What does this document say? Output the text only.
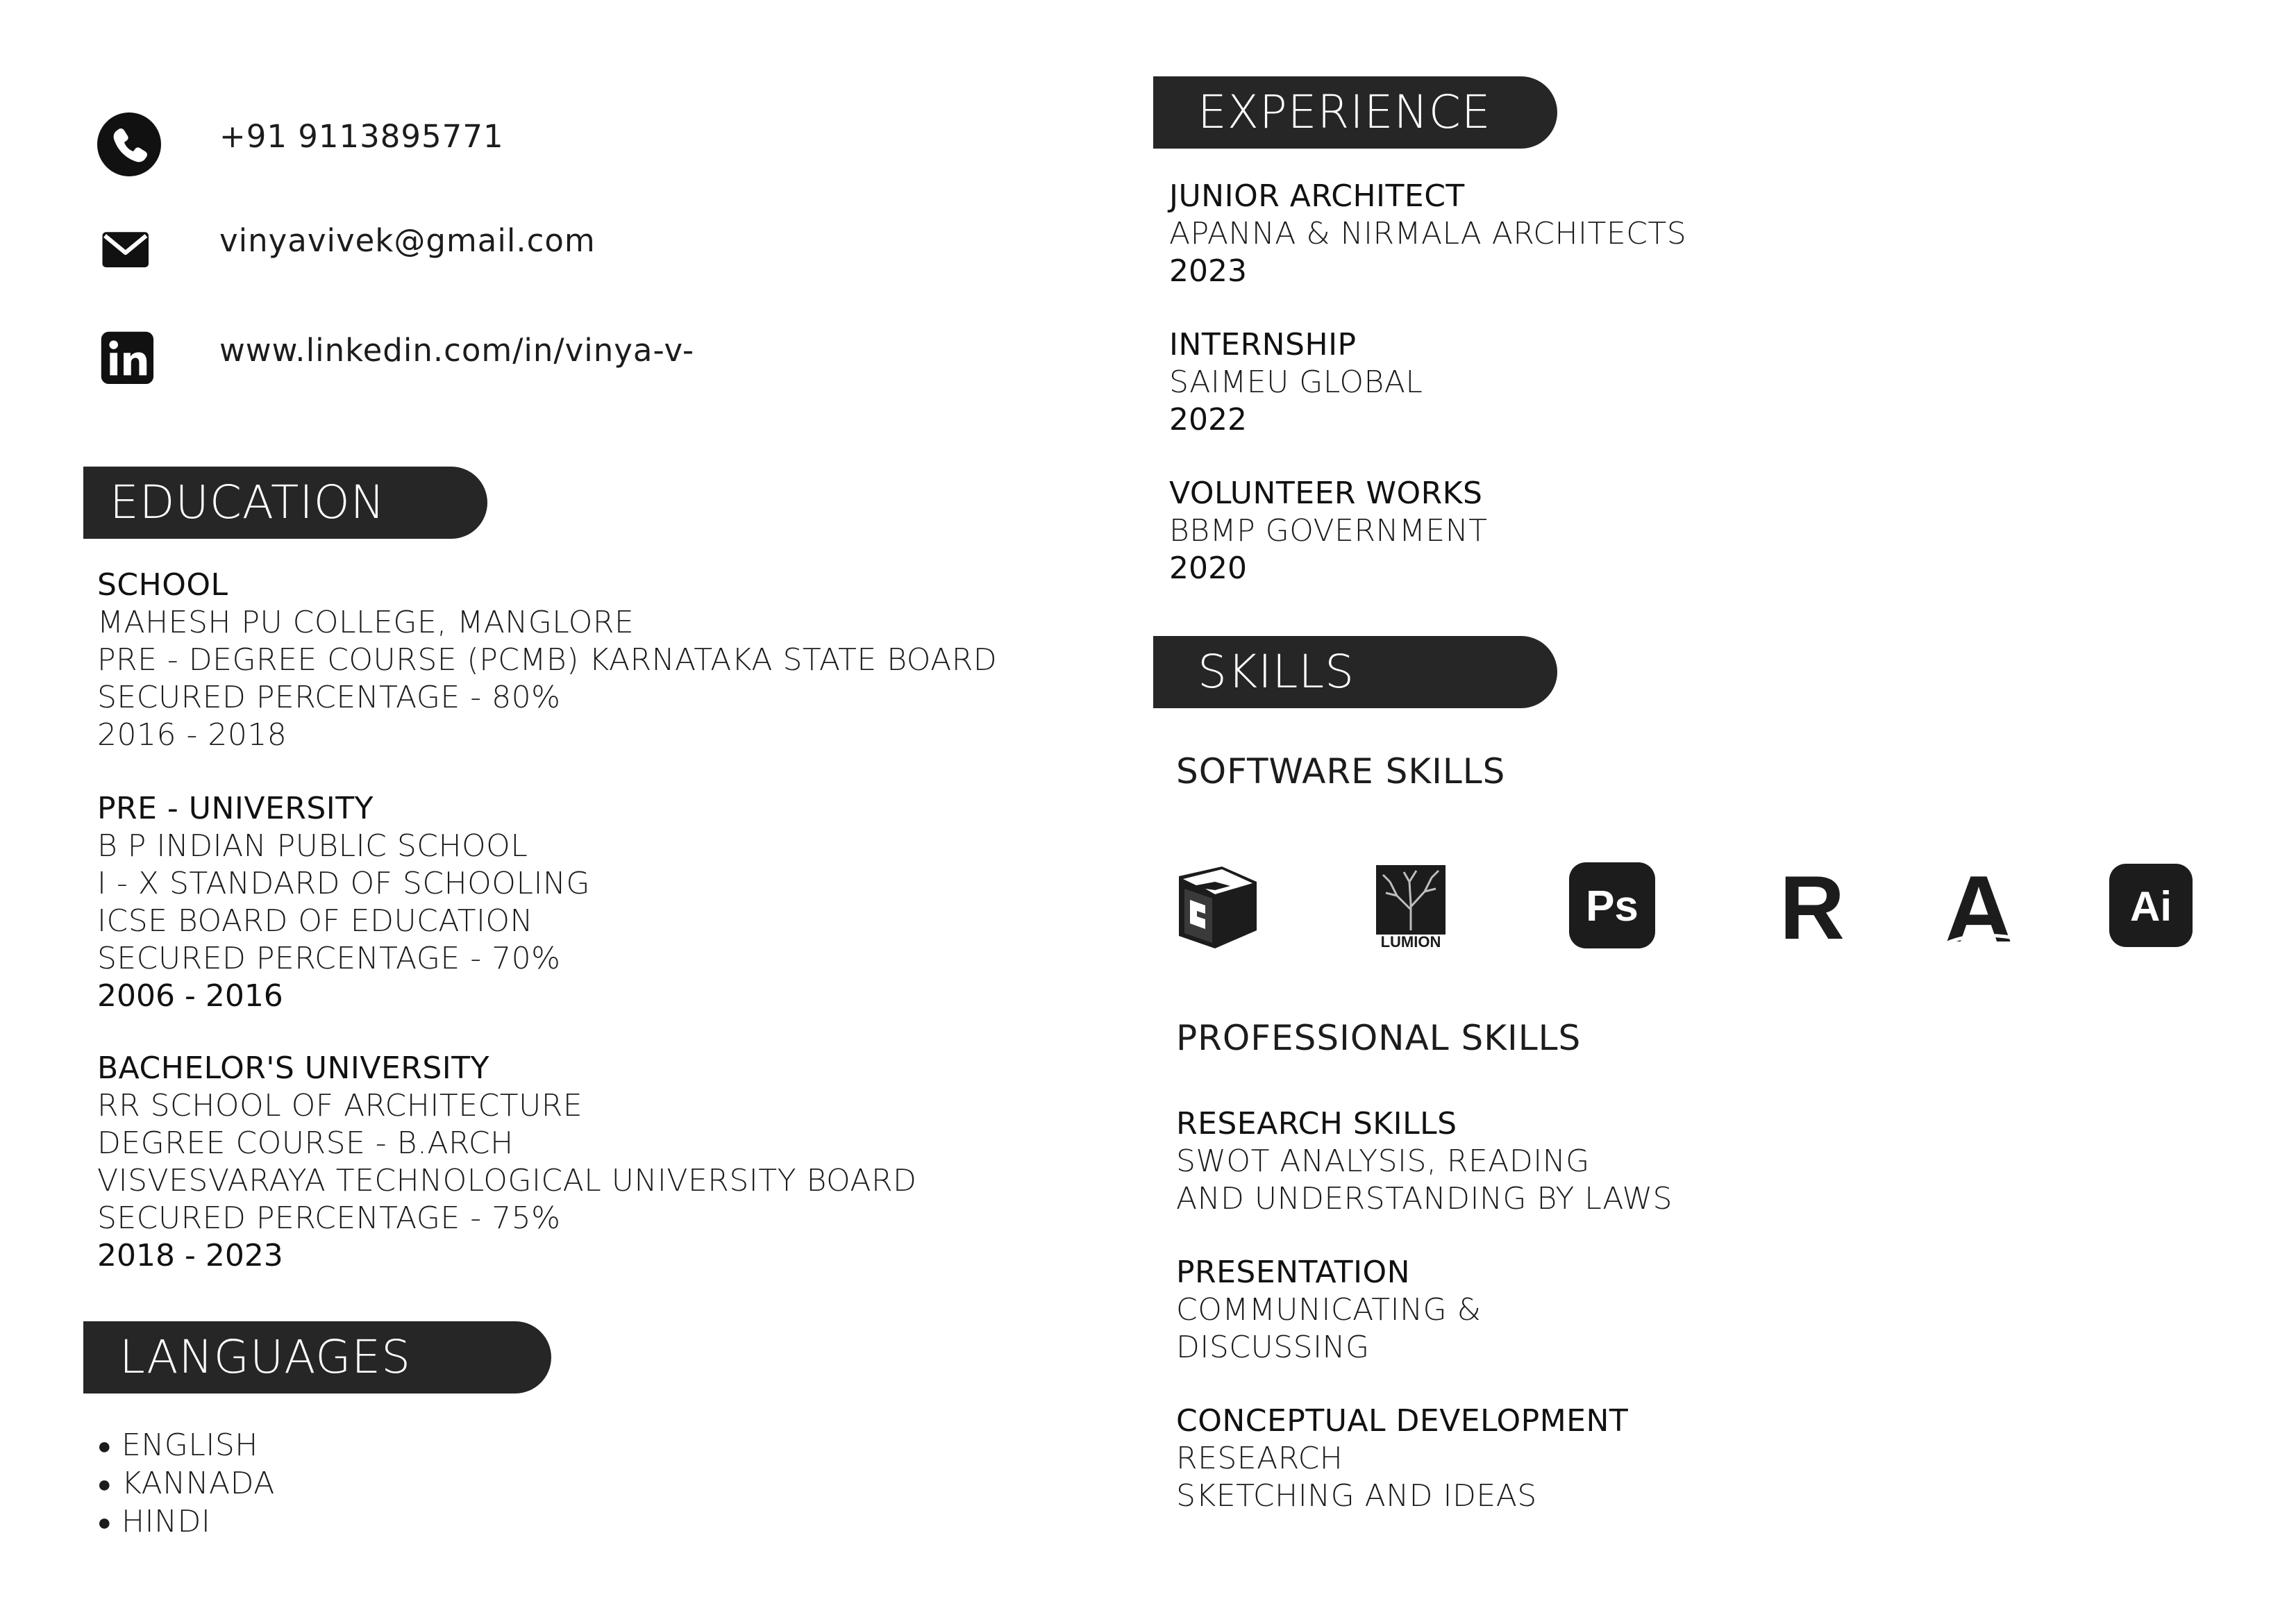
+91 9113895771
vinyavivek@gmail.com
www.linkedin.com/in/vinya-v-
EDUCATION
SCHOOL
MAHESH PU COLLEGE, MANGLORE
PRE - DEGREE COURSE (PCMB) KARNATAKA STATE BOARD
SECURED PERCENTAGE - 80%
2016 - 2018
PRE - UNIVERSITY
B P INDIAN PUBLIC SCHOOL
I - X STANDARD OF SCHOOLING
ICSE BOARD OF EDUCATION
SECURED PERCENTAGE - 70%
2006 - 2016
BACHELOR'S UNIVERSITY
RR SCHOOL OF ARCHITECTURE
DEGREE COURSE - B.ARCH
VISVESVARAYA TECHNOLOGICAL UNIVERSITY BOARD
SECURED PERCENTAGE - 75%
2018 - 2023
LANGUAGES
● ENGLISH
● KANNADA
● HINDI
EXPERIENCE
JUNIOR ARCHITECT
APANNA & NIRMALA ARCHITECTS
2023
INTERNSHIP
SAIMEU GLOBAL
2022
VOLUNTEER WORKS
BBMP GOVERNMENT
2020
SKILLS
SOFTWARE SKILLS
LUMION
Ps R A	Ai
PROFESSIONAL SKILLS
RESEARCH SKILLS
SWOT ANALYSIS, READING
AND UNDERSTANDING BY LAWS
PRESENTATION
COMMUNICATING &
DISCUSSING
CONCEPTUAL DEVELOPMENT
RESEARCH
SKETCHING AND IDEAS
